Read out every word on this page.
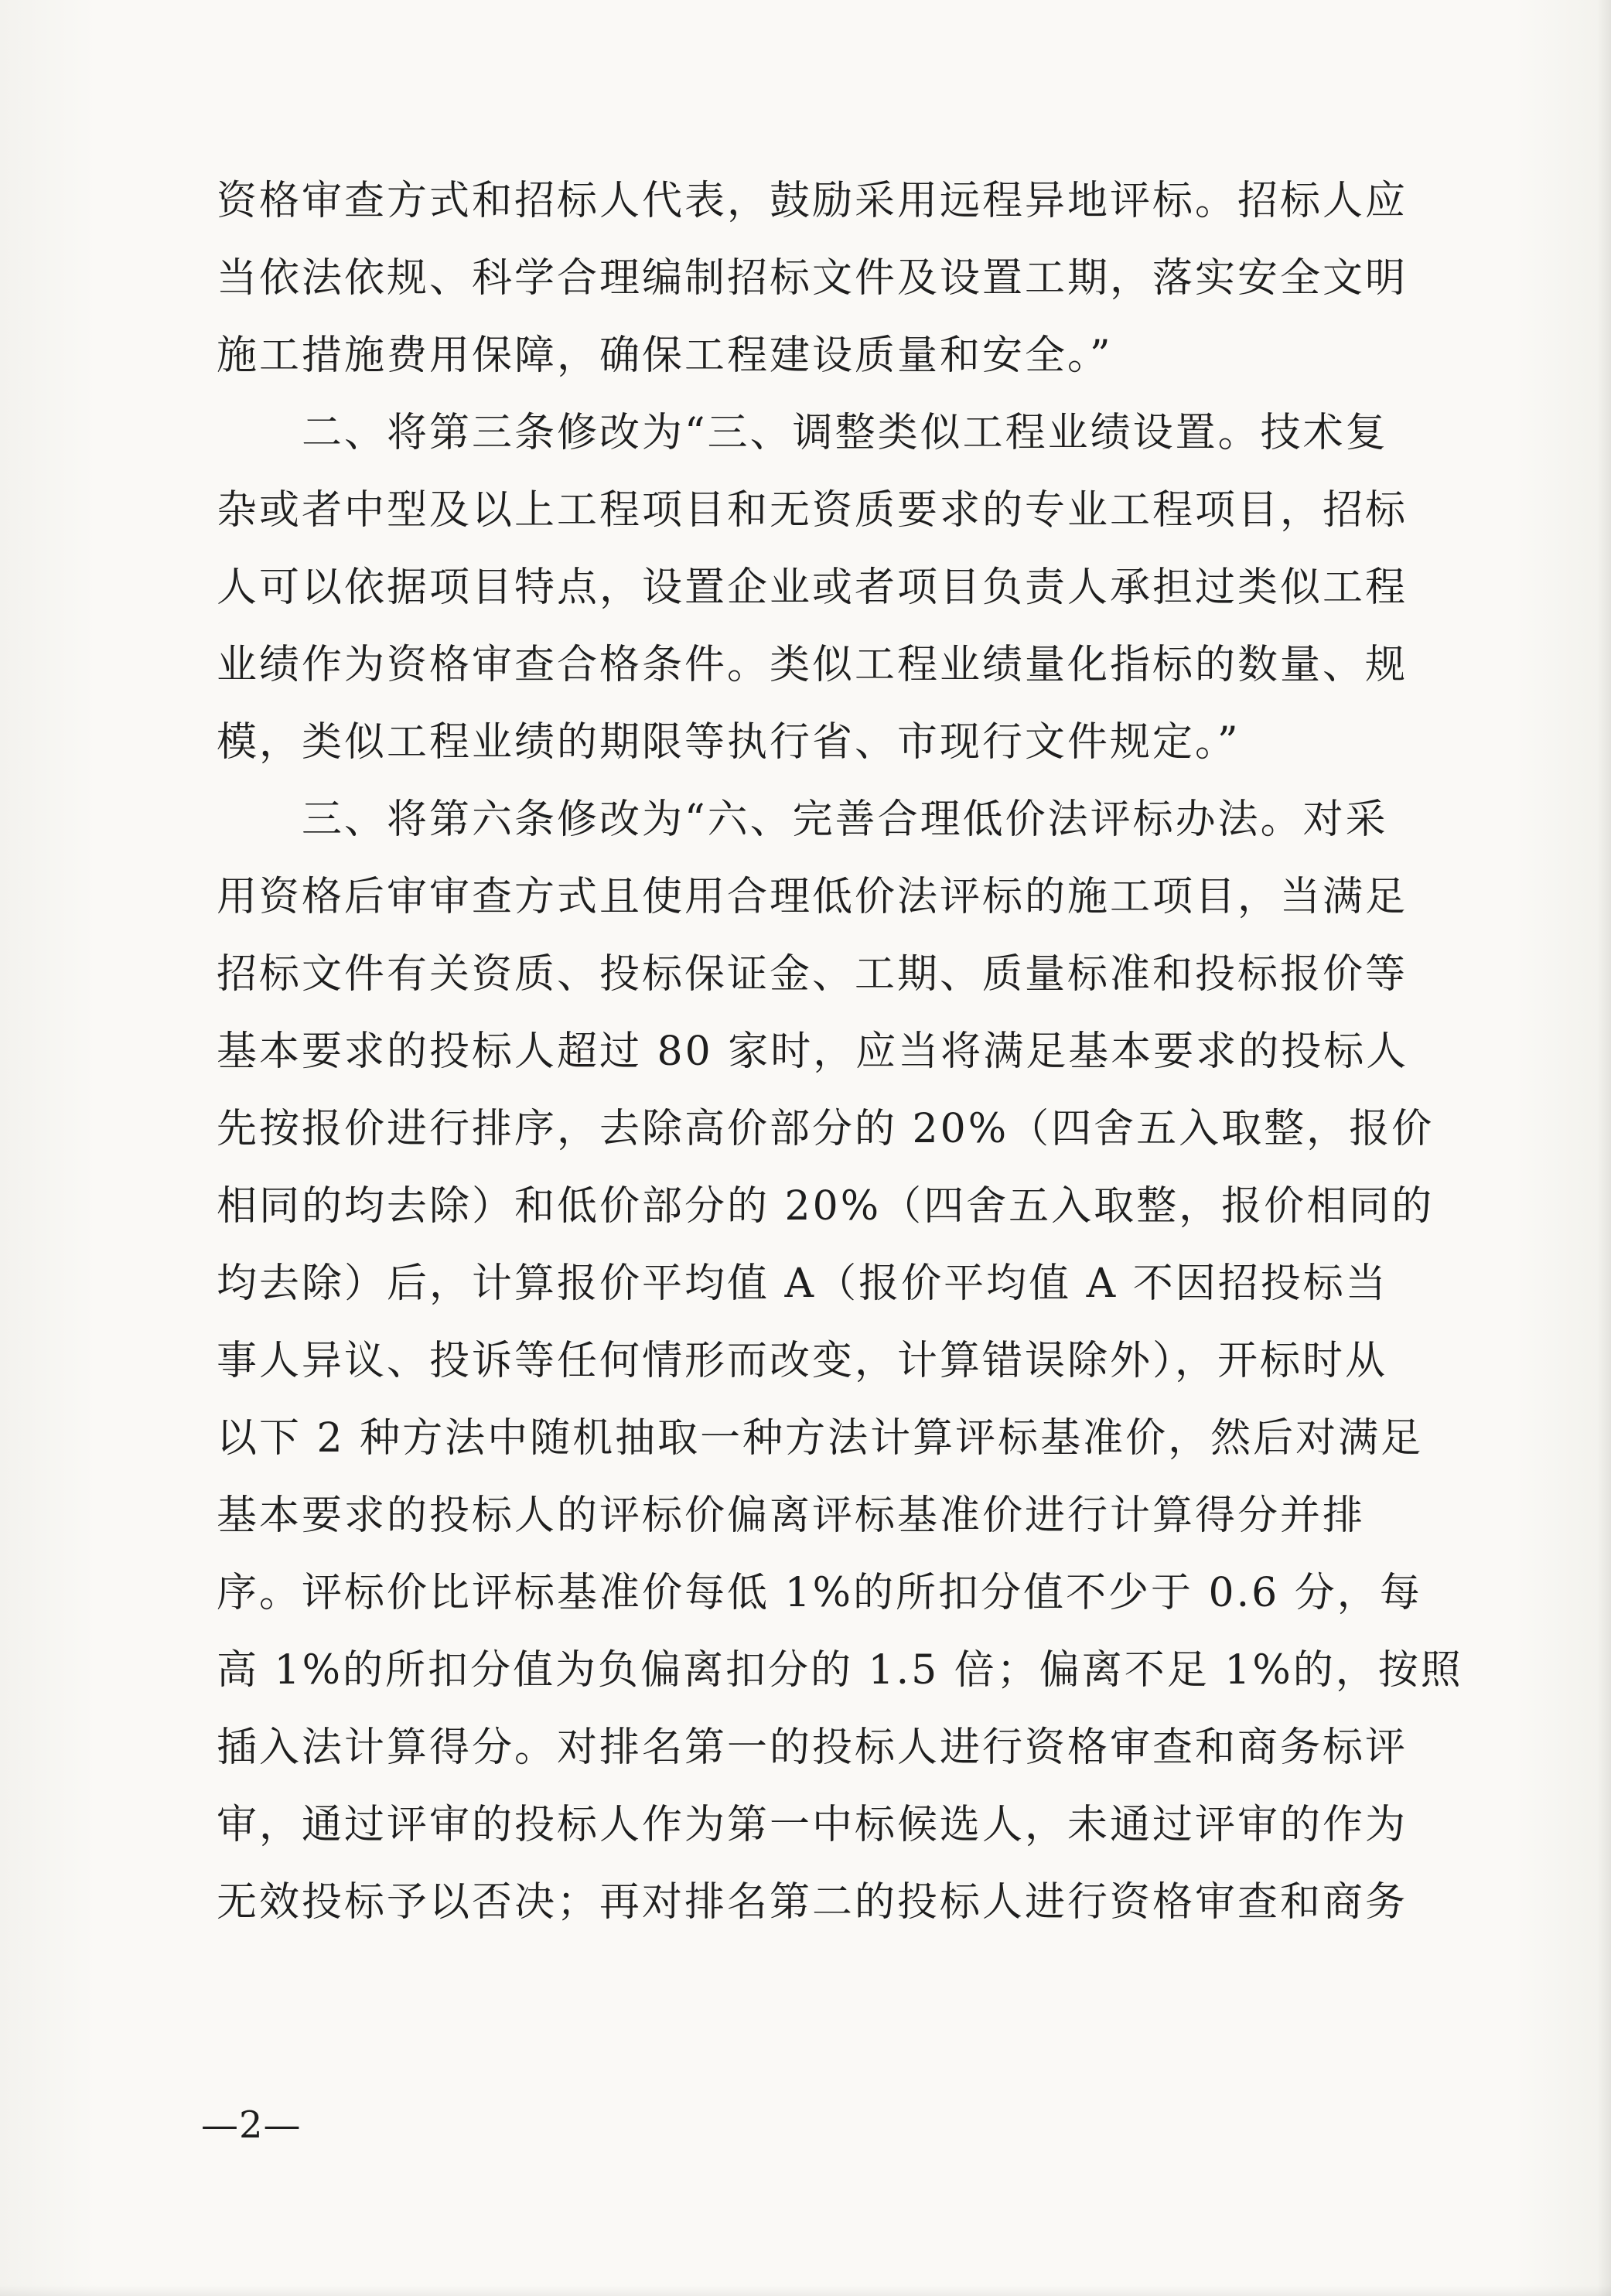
资格审查方式和招标人代表，鼓励采用远程异地评标。招标人应
当依法依规、科学合理编制招标文件及设置工期，落实安全文明
施工措施费用保障，确保工程建设质量和安全。”
二、将第三条修改为“三、调整类似工程业绩设置。技术复
杂或者中型及以上工程项目和无资质要求的专业工程项目，招标
人可以依据项目特点，设置企业或者项目负责人承担过类似工程
业绩作为资格审查合格条件。类似工程业绩量化指标的数量、规
模，类似工程业绩的期限等执行省、市现行文件规定。”
三、将第六条修改为“六、完善合理低价法评标办法。对采
用资格后审审查方式且使用合理低价法评标的施工项目，当满足
招标文件有关资质、投标保证金、工期、质量标准和投标报价等
基本要求的投标人超过 80 家时，应当将满足基本要求的投标人
先按报价进行排序，去除高价部分的 20%（四舍五入取整，报价
相同的均去除）和低价部分的 20%（四舍五入取整，报价相同的
均去除）后，计算报价平均值 A（报价平均值 A 不因招投标当
事人异议、投诉等任何情形而改变，计算错误除外），开标时从
以下 2 种方法中随机抽取一种方法计算评标基准价，然后对满足
基本要求的投标人的评标价偏离评标基准价进行计算得分并排
序。评标价比评标基准价每低 1%的所扣分值不少于 0.6 分，每
高 1%的所扣分值为负偏离扣分的 1.5 倍；偏离不足 1%的，按照
插入法计算得分。对排名第一的投标人进行资格审查和商务标评
审，通过评审的投标人作为第一中标候选人，未通过评审的作为
无效投标予以否决；再对排名第二的投标人进行资格审查和商务
—2—
